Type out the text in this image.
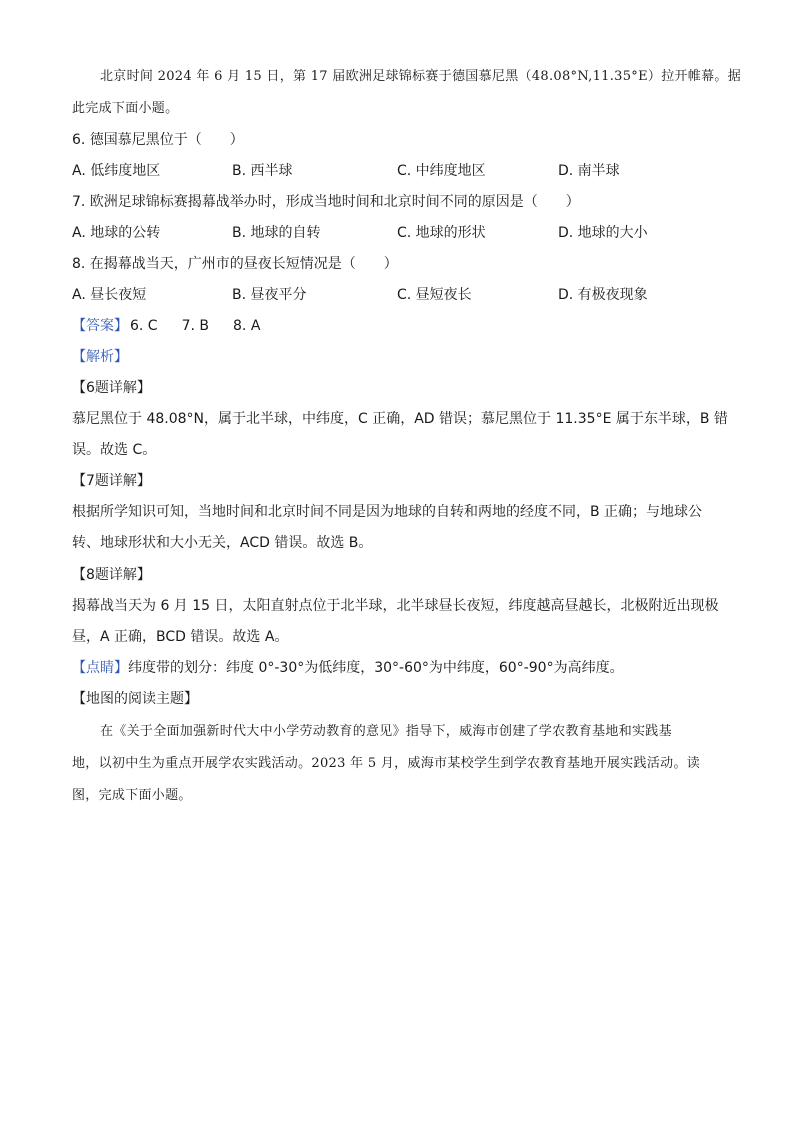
北京时间 2024 年 6 月 15 日，第 17 届欧洲足球锦标赛于德国慕尼黑（48.08°N,11.35°E）拉开帷幕。据
此完成下面小题。
6. 德国慕尼黑位于（　　）
A. 低纬度地区	B. 西半球	C. 中纬度地区	D. 南半球
7. 欧洲足球锦标赛揭幕战举办时，形成当地时间和北京时间不同的原因是（　　）
A. 地球的公转	B. 地球的自转	C. 地球的形状	D. 地球的大小
8. 在揭幕战当天，广州市的昼夜长短情况是（　　）
A. 昼长夜短	B. 昼夜平分	C. 昼短夜长	D. 有极夜现象
【答案】 6. C 7. B 8. A
【解析】
【6题详解】
慕尼黑位于 48.08°N，属于北半球，中纬度，C 正确，AD 错误；慕尼黑位于 11.35°E 属于东半球，B 错
误。故选 C。
【7题详解】
根据所学知识可知，当地时间和北京时间不同是因为地球的自转和两地的经度不同，B 正确；与地球公
转、地球形状和大小无关，ACD 错误。故选 B。
【8题详解】
揭幕战当天为 6 月 15 日，太阳直射点位于北半球，北半球昼长夜短，纬度越高昼越长，北极附近出现极
昼，A 正确，BCD 错误。故选 A。
【点睛】纬度带的划分：纬度 0°-30°为低纬度，30°-60°为中纬度，60°-90°为高纬度。
【地图的阅读主题】
在《关于全面加强新时代大中小学劳动教育的意见》指导下，威海市创建了学农教育基地和实践基
地，以初中生为重点开展学农实践活动。2023 年 5 月，威海市某校学生到学农教育基地开展实践活动。读
图，完成下面小题。
